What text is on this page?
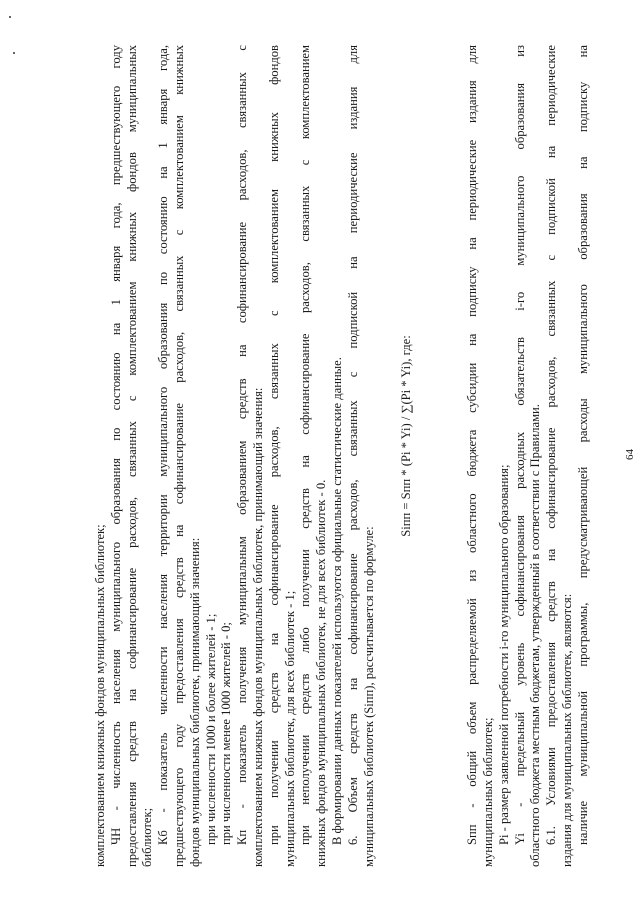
64
комплектованием книжных фондов муниципальных библиотек; ЧН - численность населения муниципального образования по состоянию на 1 января года, предшествующего году предоставления средств на софинансирование расходов, связанных с комплектованием книжных фондов муниципальных библиотек; Кб - показатель численности населения территории муниципального образования по состоянию на 1 января года, предшествующего году предоставления средств на софинансирование расходов, связанных с комплектованием книжных фондов муниципальных библиотек, принимающий значения: при численности 1000 и более жителей - 1; при численности менее 1000 жителей - 0; Кп - показатель получения муниципальным образованием средств на софинансирование расходов, связанных с комплектованием книжных фондов муниципальных библиотек, принимающий значения: при получении средств на софинансирование расходов, связанных с комплектованием книжных фондов муниципальных библиотек, для всех библиотек - 1; при неполучении средств либо получении средств на софинансирование расходов, связанных с комплектованием книжных фондов муниципальных библиотек, не для всех библиотек - 0. В формировании данных показателей используются официальные статистические данные. 6. Объем средств на софинансирование расходов, связанных с подпиской на периодические издания для муниципальных библиотек (Siпп), рассчитывается по формуле:
Siпп = Sпп * (Pi * Yi) / ∑(Pi * Yi), где:	Sпп - общий объем распределяемой из областного бюджета субсидии на подписку на периодические издания для муниципальных библиотек; Pi - размер заявленной потребности i-го муниципального образования; Yi - предельный уровень софинансирования расходных обязательств i-го муниципального образования из областного бюджета местным бюджетам, утвержденный в соответствии с Правилами. 6.1. Условиями предоставления средств на софинансирование расходов, связанных с подпиской на периодические издания для муниципальных библиотек, являются: наличие муниципальной программы, предусматривающей расходы муниципального образования на подписку на
